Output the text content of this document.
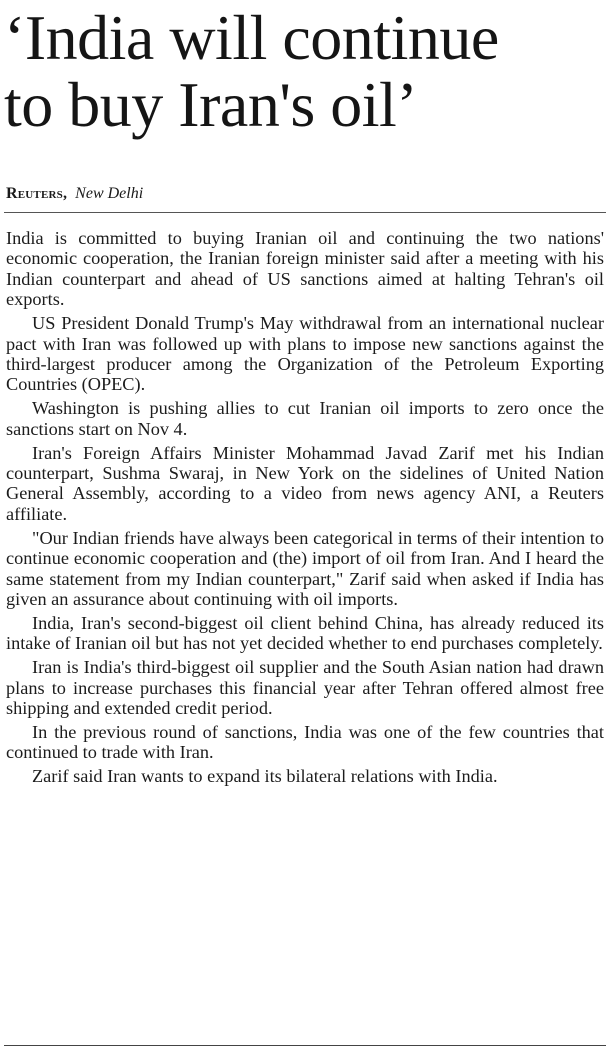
‘India will continue
to buy Iran's oil’
Reuters, New Delhi

India is committed to buying Iranian oil and continuing the two nations' economic cooperation, the Iranian foreign minister said after a meeting with his Indian counterpart and ahead of US sanctions aimed at halting Tehran's oil exports.

US President Donald Trump's May withdrawal from an international nuclear pact with Iran was followed up with plans to impose new sanctions against the third-largest producer among the Organization of the Petroleum Exporting Countries (OPEC).

Washington is pushing allies to cut Iranian oil imports to zero once the sanctions start on Nov 4.

Iran's Foreign Affairs Minister Mohammad Javad Zarif met his Indian counterpart, Sushma Swaraj, in New York on the sidelines of United Nation General Assembly, according to a video from news agency ANI, a Reuters affiliate.

"Our Indian friends have always been categorical in terms of their intention to continue economic cooperation and (the) import of oil from Iran. And I heard the same statement from my Indian counterpart," Zarif said when asked if India has given an assurance about continuing with oil imports.

India, Iran's second-biggest oil client behind China, has already reduced its intake of Iranian oil but has not yet decided whether to end purchases completely.

Iran is India's third-biggest oil supplier and the South Asian nation had drawn plans to increase purchases this financial year after Tehran offered almost free shipping and extended credit period.

In the previous round of sanctions, India was one of the few countries that continued to trade with Iran.

Zarif said Iran wants to expand its bilateral relations with India.
